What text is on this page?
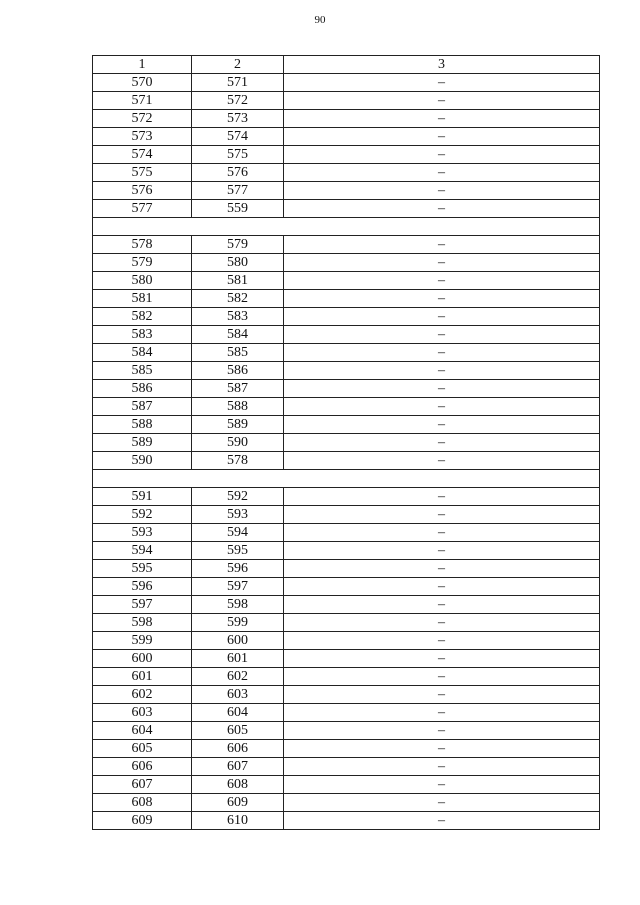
90
1	2	3
570	571	–
571	572	–
572	573	–
573	574	–
574	575	–
575	576	–
576	577	–
577	559	–
578	579	–
579	580	–
580	581	–
581	582	–
582	583	–
583	584	–
584	585	–
585	586	–
586	587	–
587	588	–
588	589	–
589	590	–
590	578	–
591	592	–
592	593	–
593	594	–
594	595	–
595	596	–
596	597	–
597	598	–
598	599	–
599	600	–
600	601	–
601	602	–
602	603	–
603	604	–
604	605	–
605	606	–
606	607	–
607	608	–
608	609	–
609	610	–
